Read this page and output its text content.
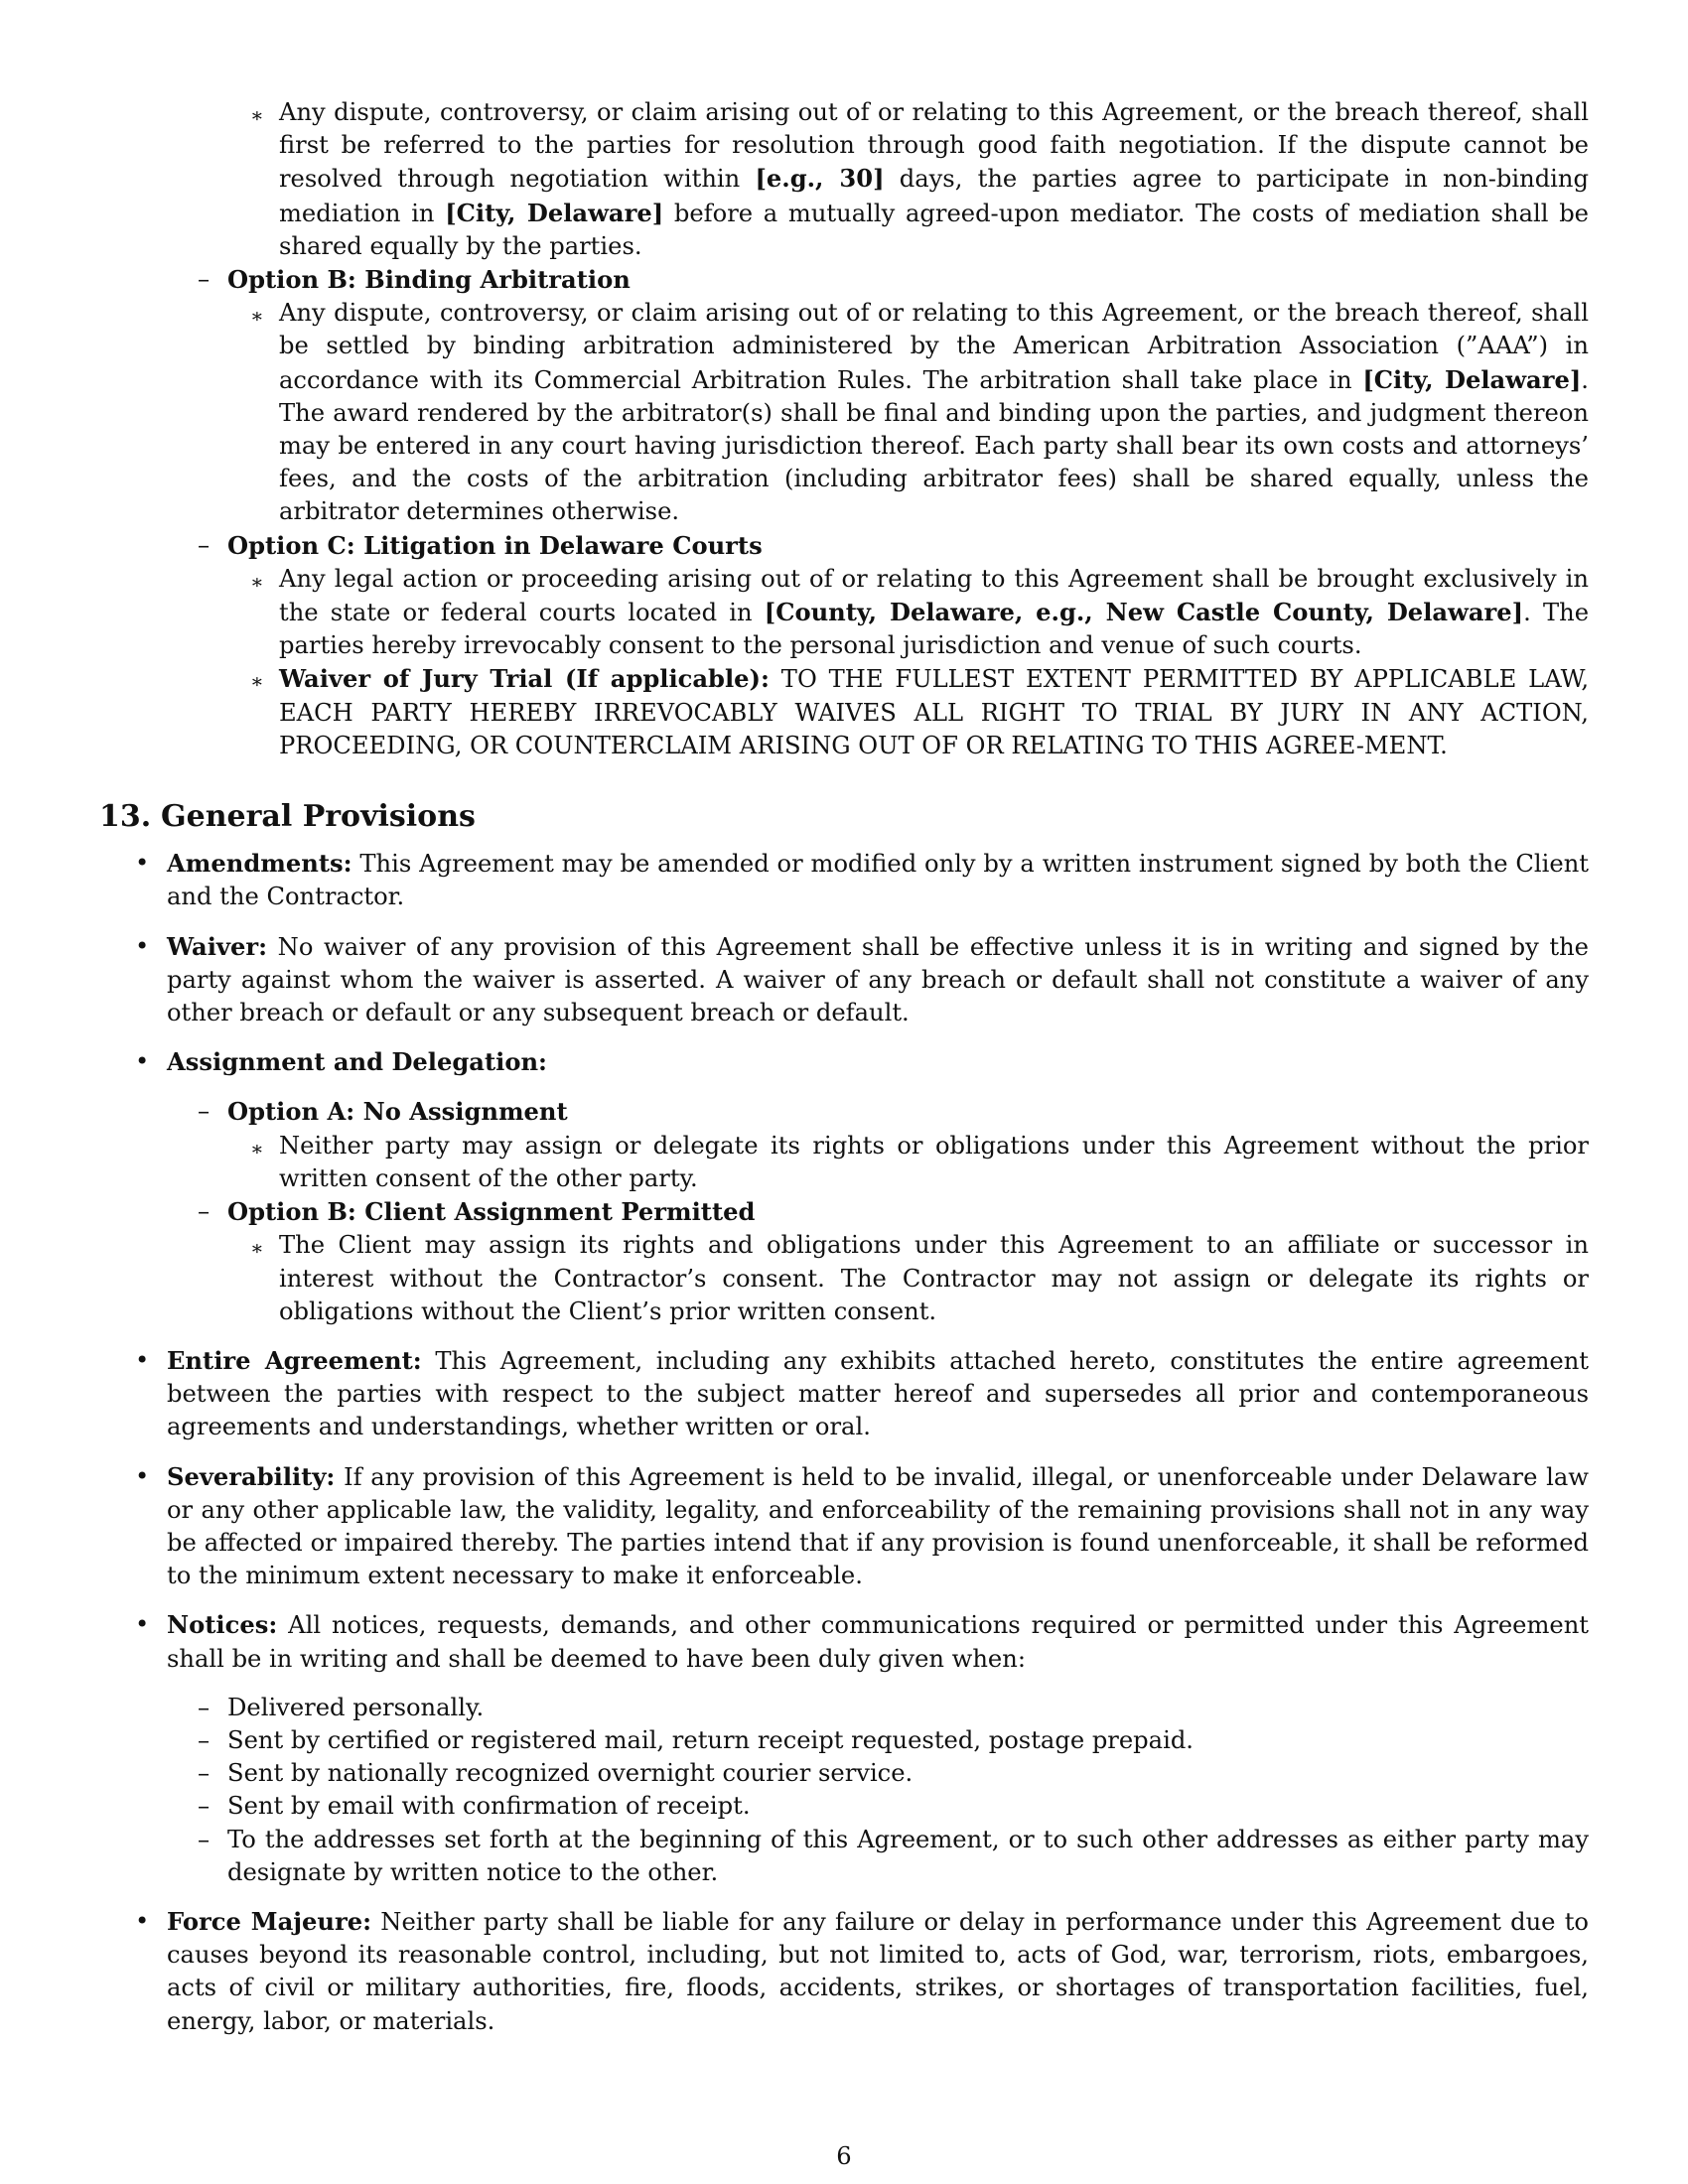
∗ Any dispute, controversy, or claim arising out of or relating to this Agreement, or the breach thereof, shall first be referred to the parties for resolution through good faith negotiation. If the dispute cannot be resolved through negotiation within [e.g., 30] days, the parties agree to participate in non-binding mediation in [City, Delaware] before a mutually agreed-upon mediator. The costs of mediation shall be shared equally by the parties.

– Option B: Binding Arbitration
∗ Any dispute, controversy, or claim arising out of or relating to this Agreement, or the breach thereof, shall be settled by binding arbitration administered by the American Arbitration Association (”AAA”) in accordance with its Commercial Arbitration Rules. The arbitration shall take place in [City, Delaware]. The award rendered by the arbitrator(s) shall be final and binding upon the parties, and judgment thereon may be entered in any court having jurisdiction thereof. Each party shall bear its own costs and attorneys’ fees, and the costs of the arbitration (including arbitrator fees) shall be shared equally, unless the arbitrator determines otherwise.

– Option C: Litigation in Delaware Courts
∗ Any legal action or proceeding arising out of or relating to this Agreement shall be brought exclusively in the state or federal courts located in [County, Delaware, e.g., New Castle County, Delaware]. The parties hereby irrevocably consent to the personal jurisdiction and venue of such courts.

∗ Waiver of Jury Trial (If applicable): TO THE FULLEST EXTENT PERMITTED BY APPLICABLE LAW, EACH PARTY HEREBY IRREVOCABLY WAIVES ALL RIGHT TO TRIAL BY JURY IN ANY ACTION, PROCEEDING, OR COUNTERCLAIM ARISING OUT OF OR RELATING TO THIS AGREE-MENT.

13. General Provisions
• Amendments: This Agreement may be amended or modified only by a written instrument signed by both the Client and the Contractor.

• Waiver: No waiver of any provision of this Agreement shall be effective unless it is in writing and signed by the party against whom the waiver is asserted. A waiver of any breach or default shall not constitute a waiver of any other breach or default or any subsequent breach or default.

• Assignment and Delegation:

– Option A: No Assignment
∗ Neither party may assign or delegate its rights or obligations under this Agreement without the prior written consent of the other party.

– Option B: Client Assignment Permitted
∗ The Client may assign its rights and obligations under this Agreement to an affiliate or successor in interest without the Contractor’s consent. The Contractor may not assign or delegate its rights or obligations without the Client’s prior written consent.

• Entire Agreement: This Agreement, including any exhibits attached hereto, constitutes the entire agreement between the parties with respect to the subject matter hereof and supersedes all prior and contemporaneous agreements and understandings, whether written or oral.

• Severability: If any provision of this Agreement is held to be invalid, illegal, or unenforceable under Delaware law or any other applicable law, the validity, legality, and enforceability of the remaining provisions shall not in any way be affected or impaired thereby. The parties intend that if any provision is found unenforceable, it shall be reformed to the minimum extent necessary to make it enforceable.

• Notices: All notices, requests, demands, and other communications required or permitted under this Agreement shall be in writing and shall be deemed to have been duly given when:

– Delivered personally.

– Sent by certified or registered mail, return receipt requested, postage prepaid.

– Sent by nationally recognized overnight courier service.

– Sent by email with confirmation of receipt.

– To the addresses set forth at the beginning of this Agreement, or to such other addresses as either party may designate by written notice to the other.

• Force Majeure: Neither party shall be liable for any failure or delay in performance under this Agreement due to causes beyond its reasonable control, including, but not limited to, acts of God, war, terrorism, riots, embargoes, acts of civil or military authorities, fire, floods, accidents, strikes, or shortages of transportation facilities, fuel, energy, labor, or materials.

6
